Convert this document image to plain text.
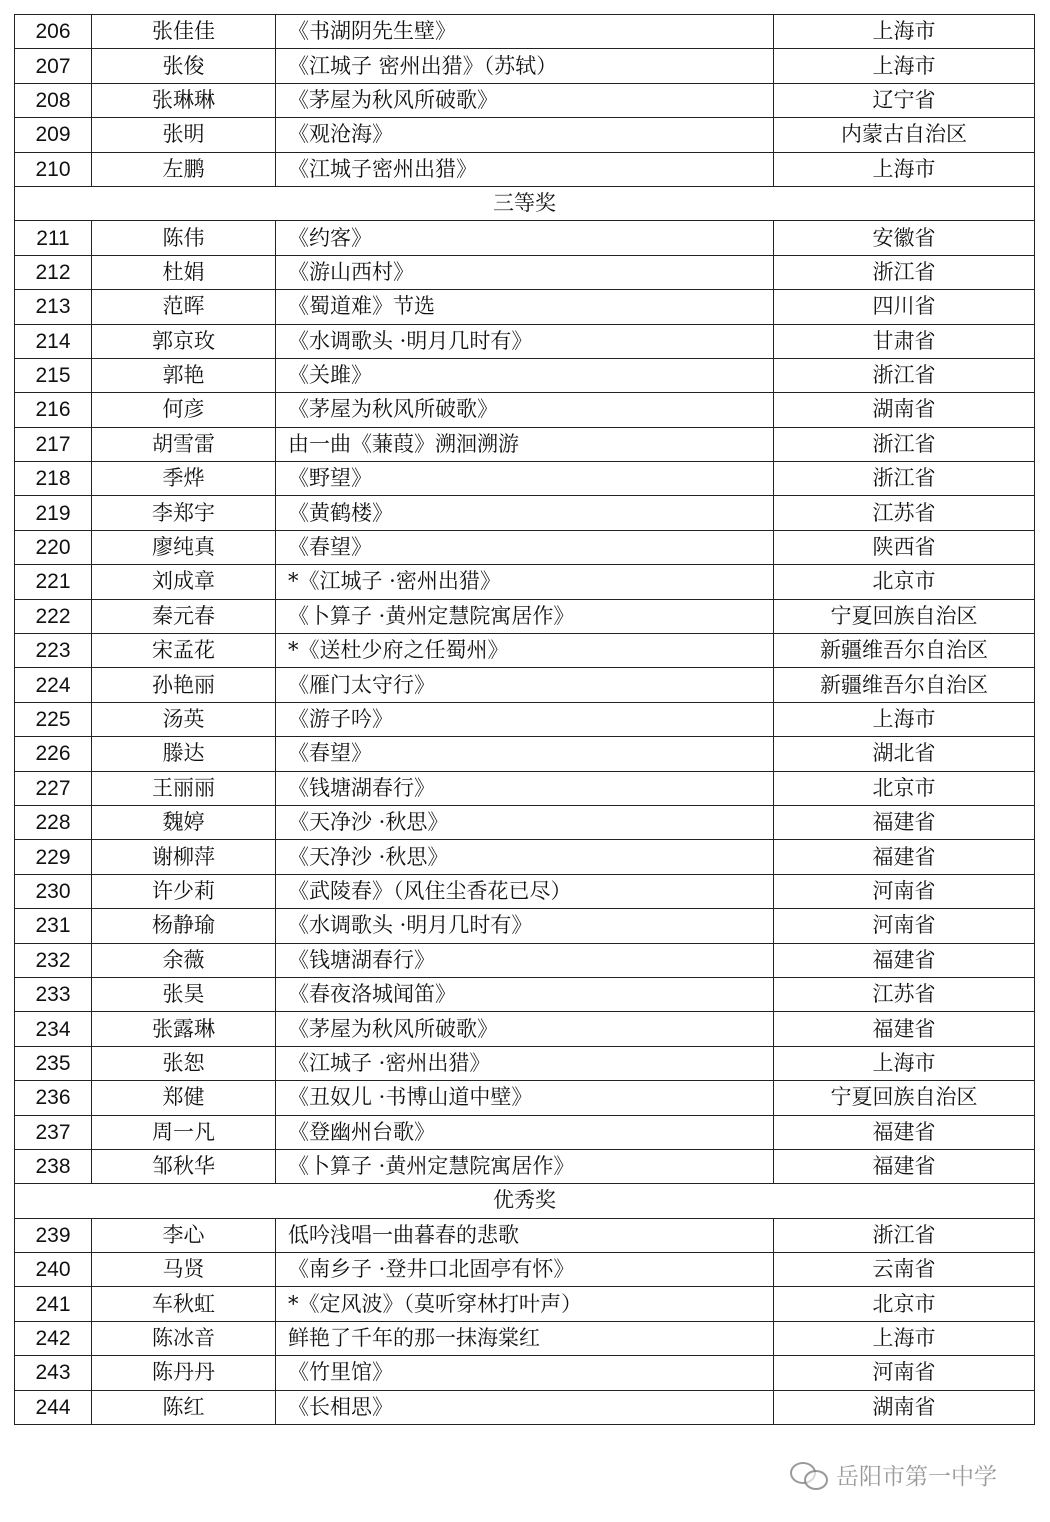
206	张佳佳	《书湖阴先生壁》	上海市
207	张俊	《江城子 密州出猎》（苏轼）	上海市
208	张琳琳	《茅屋为秋风所破歌》	辽宁省
209	张明	《观沧海》	内蒙古自治区
210	左鹏	《江城子密州出猎》	上海市
三等奖			
211	陈伟	《约客》	安徽省
212	杜娟	《游山西村》	浙江省
213	范晖	《蜀道难》节选	四川省
214	郭京玫	《水调歌头 ·明月几时有》	甘肃省
215	郭艳	《关雎》	浙江省
216	何彦	《茅屋为秋风所破歌》	湖南省
217	胡雪雷	由一曲《蒹葭》溯洄溯游	浙江省
218	季烨	《野望》	浙江省
219	李郑宇	《黄鹤楼》	江苏省
220	廖纯真	《春望》	陕西省
221	刘成章	*《江城子 ·密州出猎》	北京市
222	秦元春	《卜算子 ·黄州定慧院寓居作》	宁夏回族自治区
223	宋孟花	*《送杜少府之任蜀州》	新疆维吾尔自治区
224	孙艳丽	《雁门太守行》	新疆维吾尔自治区
225	汤英	《游子吟》	上海市
226	滕达	《春望》	湖北省
227	王丽丽	《钱塘湖春行》	北京市
228	魏婷	《天净沙 ·秋思》	福建省
229	谢柳萍	《天净沙 ·秋思》	福建省
230	许少莉	《武陵春》（风住尘香花已尽）	河南省
231	杨静瑜	《水调歌头 ·明月几时有》	河南省
232	余薇	《钱塘湖春行》	福建省
233	张昊	《春夜洛城闻笛》	江苏省
234	张露琳	《茅屋为秋风所破歌》	福建省
235	张恕	《江城子 ·密州出猎》	上海市
236	郑健	《丑奴儿 ·书博山道中壁》	宁夏回族自治区
237	周一凡	《登幽州台歌》	福建省
238	邹秋华	《卜算子 ·黄州定慧院寓居作》	福建省
优秀奖			
239	李心	低吟浅唱一曲暮春的悲歌	浙江省
240	马贤	《南乡子 ·登井口北固亭有怀》	云南省
241	车秋虹	*《定风波》（莫听穿林打叶声）	北京市
242	陈冰音	鲜艳了千年的那一抹海棠红	上海市
243	陈丹丹	《竹里馆》	河南省
244	陈红	《长相思》	湖南省
岳阳市第一中学
